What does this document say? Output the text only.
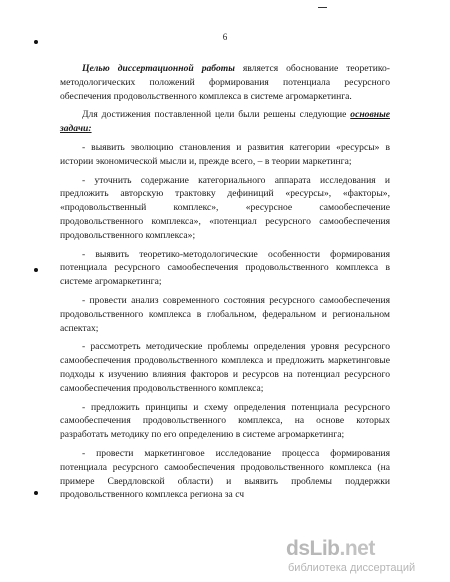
6

Целью диссертационной работы является обоснование теоретико-методологических положений формирования потенциала ресурсного обеспечения продовольственного комплекса в системе агромаркетинга.

Для достижения поставленной цели были решены следующие основные задачи:

- выявить эволюцию становления и развития категории «ресурсы» в истории экономической мысли и, прежде всего, – в теории маркетинга;

- уточнить содержание категориального аппарата исследования и предложить авторскую трактовку дефиниций «ресурсы», «факторы», «продовольственный комплекс», «ресурсное самообеспечение продовольственного комплекса», «потенциал ресурсного самообеспечения продовольственного комплекса»;

- выявить теоретико-методологические особенности формирования потенциала ресурсного самообеспечения продовольственного комплекса в системе агромаркетинга;

- провести анализ современного состояния ресурсного самообеспечения продовольственного комплекса в глобальном, федеральном и региональном аспектах;

- рассмотреть методические проблемы определения уровня ресурсного самообеспечения продовольственного комплекса и предложить маркетинговые подходы к изучению влияния факторов и ресурсов на потенциал ресурсного самообеспечения продовольственного комплекса;

- предложить принципы и схему определения потенциала ресурсного самообеспечения продовольственного комплекса, на основе которых разработать методику по его определению в системе агромаркетинга;

- провести маркетинговое исследование процесса формирования потенциала ресурсного самообеспечения продовольственного комплекса (на примере Свердловской области) и выявить проблемы поддержки продовольственного комплекса региона за сч

dsLib .net
библиотека диссертаций
